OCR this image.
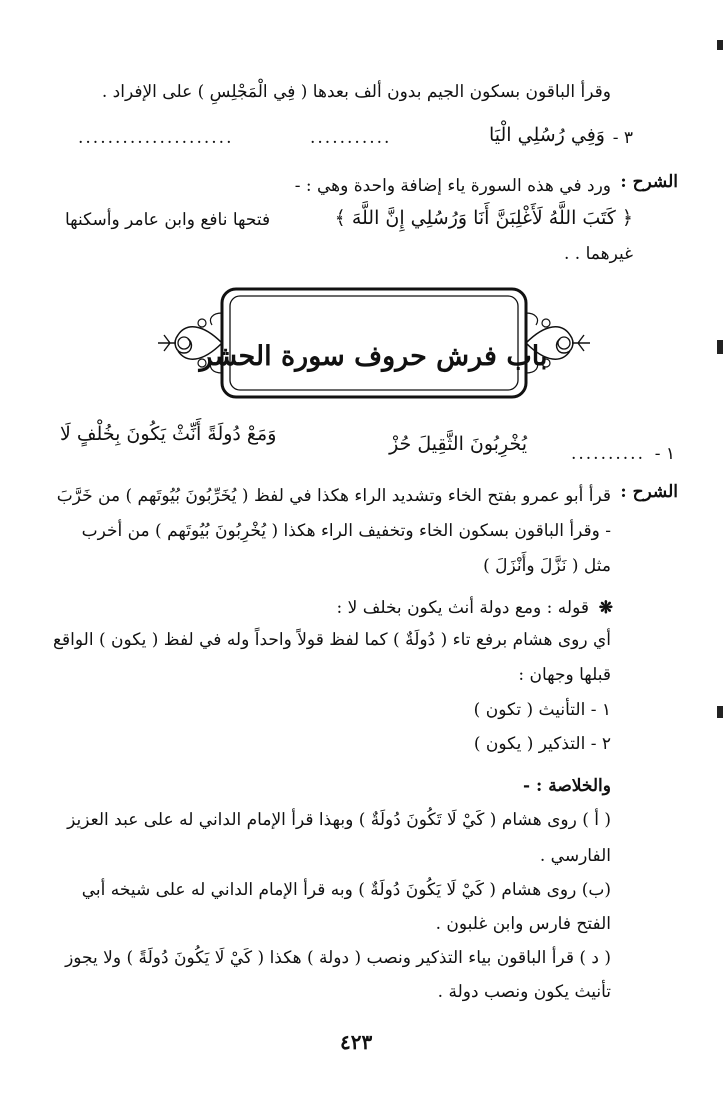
وقرأ الباقون بسكون الجيم بدون ألف بعدها ( فِي الْمَجْلِسِ ) على الإفراد .
٣ -
وَفِي رُسُلِي الْيَا
...........
.....................
الشرح :
ورد في هذه السورة ياء إضافة واحدة وهي : -
﴿ كَتَبَ اللَّهُ لَأَغْلِبَنَّ أَنَا وَرُسُلِي إِنَّ اللَّهَ ﴾
فتحها نافع وابن عامر وأسكنها
غيرهما . .
باب فرش حروف سورة الحشر
١ -
..........
يُخْرِبُونَ الثَّقِيلَ حُزْ
وَمَعْ دُولَةً أَنِّثْ يَكُونَ بِخُلْفٍ لَا
الشرح :
قرأ أبو عمرو بفتح الخاء وتشديد الراء هكذا في لفظ ( يُخَرِّبُونَ بُيُوتَهم ) من خَرَّبَ
- وقرأ الباقون بسكون الخاء وتخفيف الراء هكذا ( يُخْرِبُونَ بُيُوتَهم ) من أخرب
مثل ( نَزَّلَ وأَنْزَلَ )
❋
قوله : ومع دولة أنث يكون بخلف لا :
أي روى هشام برفع تاء ( دُولَةٌ ) كما لفظ قولاً واحداً وله في لفظ ( يكون ) الواقع
قبلها وجهان :
١ - التأنيث ( تكون )
٢ - التذكير ( يكون )
والخلاصة : -
( أ ) روى هشام ( كَيْ لَا تَكُونَ دُولَةٌ ) وبهذا قرأ الإمام الداني له على عبد العزيز
الفارسي .
(ب) روى هشام ( كَيْ لَا يَكُونَ دُولَةٌ ) وبه قرأ الإمام الداني له على شيخه أبي
الفتح فارس وابن غلبون .
( د ) قرأ الباقون بياء التذكير ونصب ( دولة ) هكذا ( كَيْ لَا يَكُونَ دُولَةً ) ولا يجوز
تأنيث يكون ونصب دولة .
٤٢٣
